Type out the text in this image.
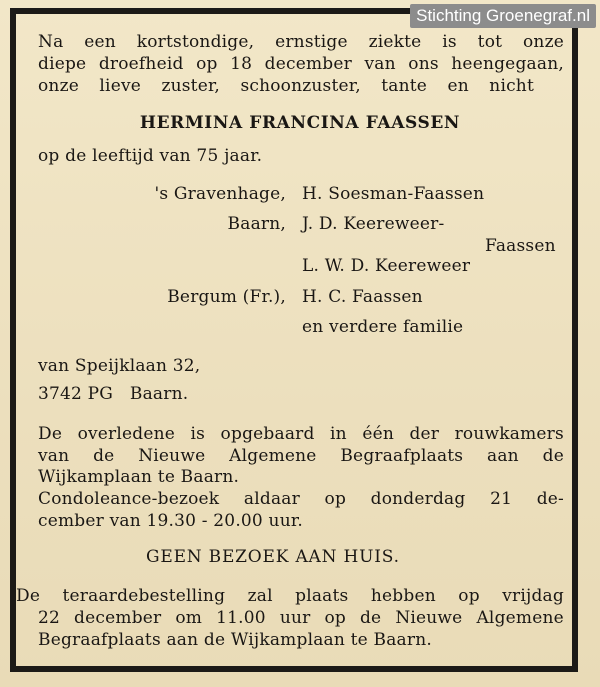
Stichting Groenegraf.nl
Na een kortstondige, ernstige ziekte is tot onze
diepe droefheid op 18 december van ons heengegaan,
onze lieve zuster, schoonzuster, tante en nicht
HERMINA FRANCINA FAASSEN
op de leeftijd van 75 jaar.
's Gravenhage, H. Soesman-Faassen
Baarn, J. D. Keereweer-
Faassen
L. W. D. Keereweer
Bergum (Fr.), H. C. Faassen
en verdere familie
van Speijklaan 32,
3742 PG   Baarn.
De overledene is opgebaard in één der rouwkamers
van de Nieuwe Algemene Begraafplaats aan de
Wijkamplaan te Baarn.
Condoleance-bezoek aldaar op donderdag 21 de-
cember van 19.30 - 20.00 uur.
GEEN BEZOEK AAN HUIS.
De teraardebestelling zal plaats hebben op vrijdag
22 december om 11.00 uur op de Nieuwe Algemene
Begraafplaats aan de Wijkamplaan te Baarn.
